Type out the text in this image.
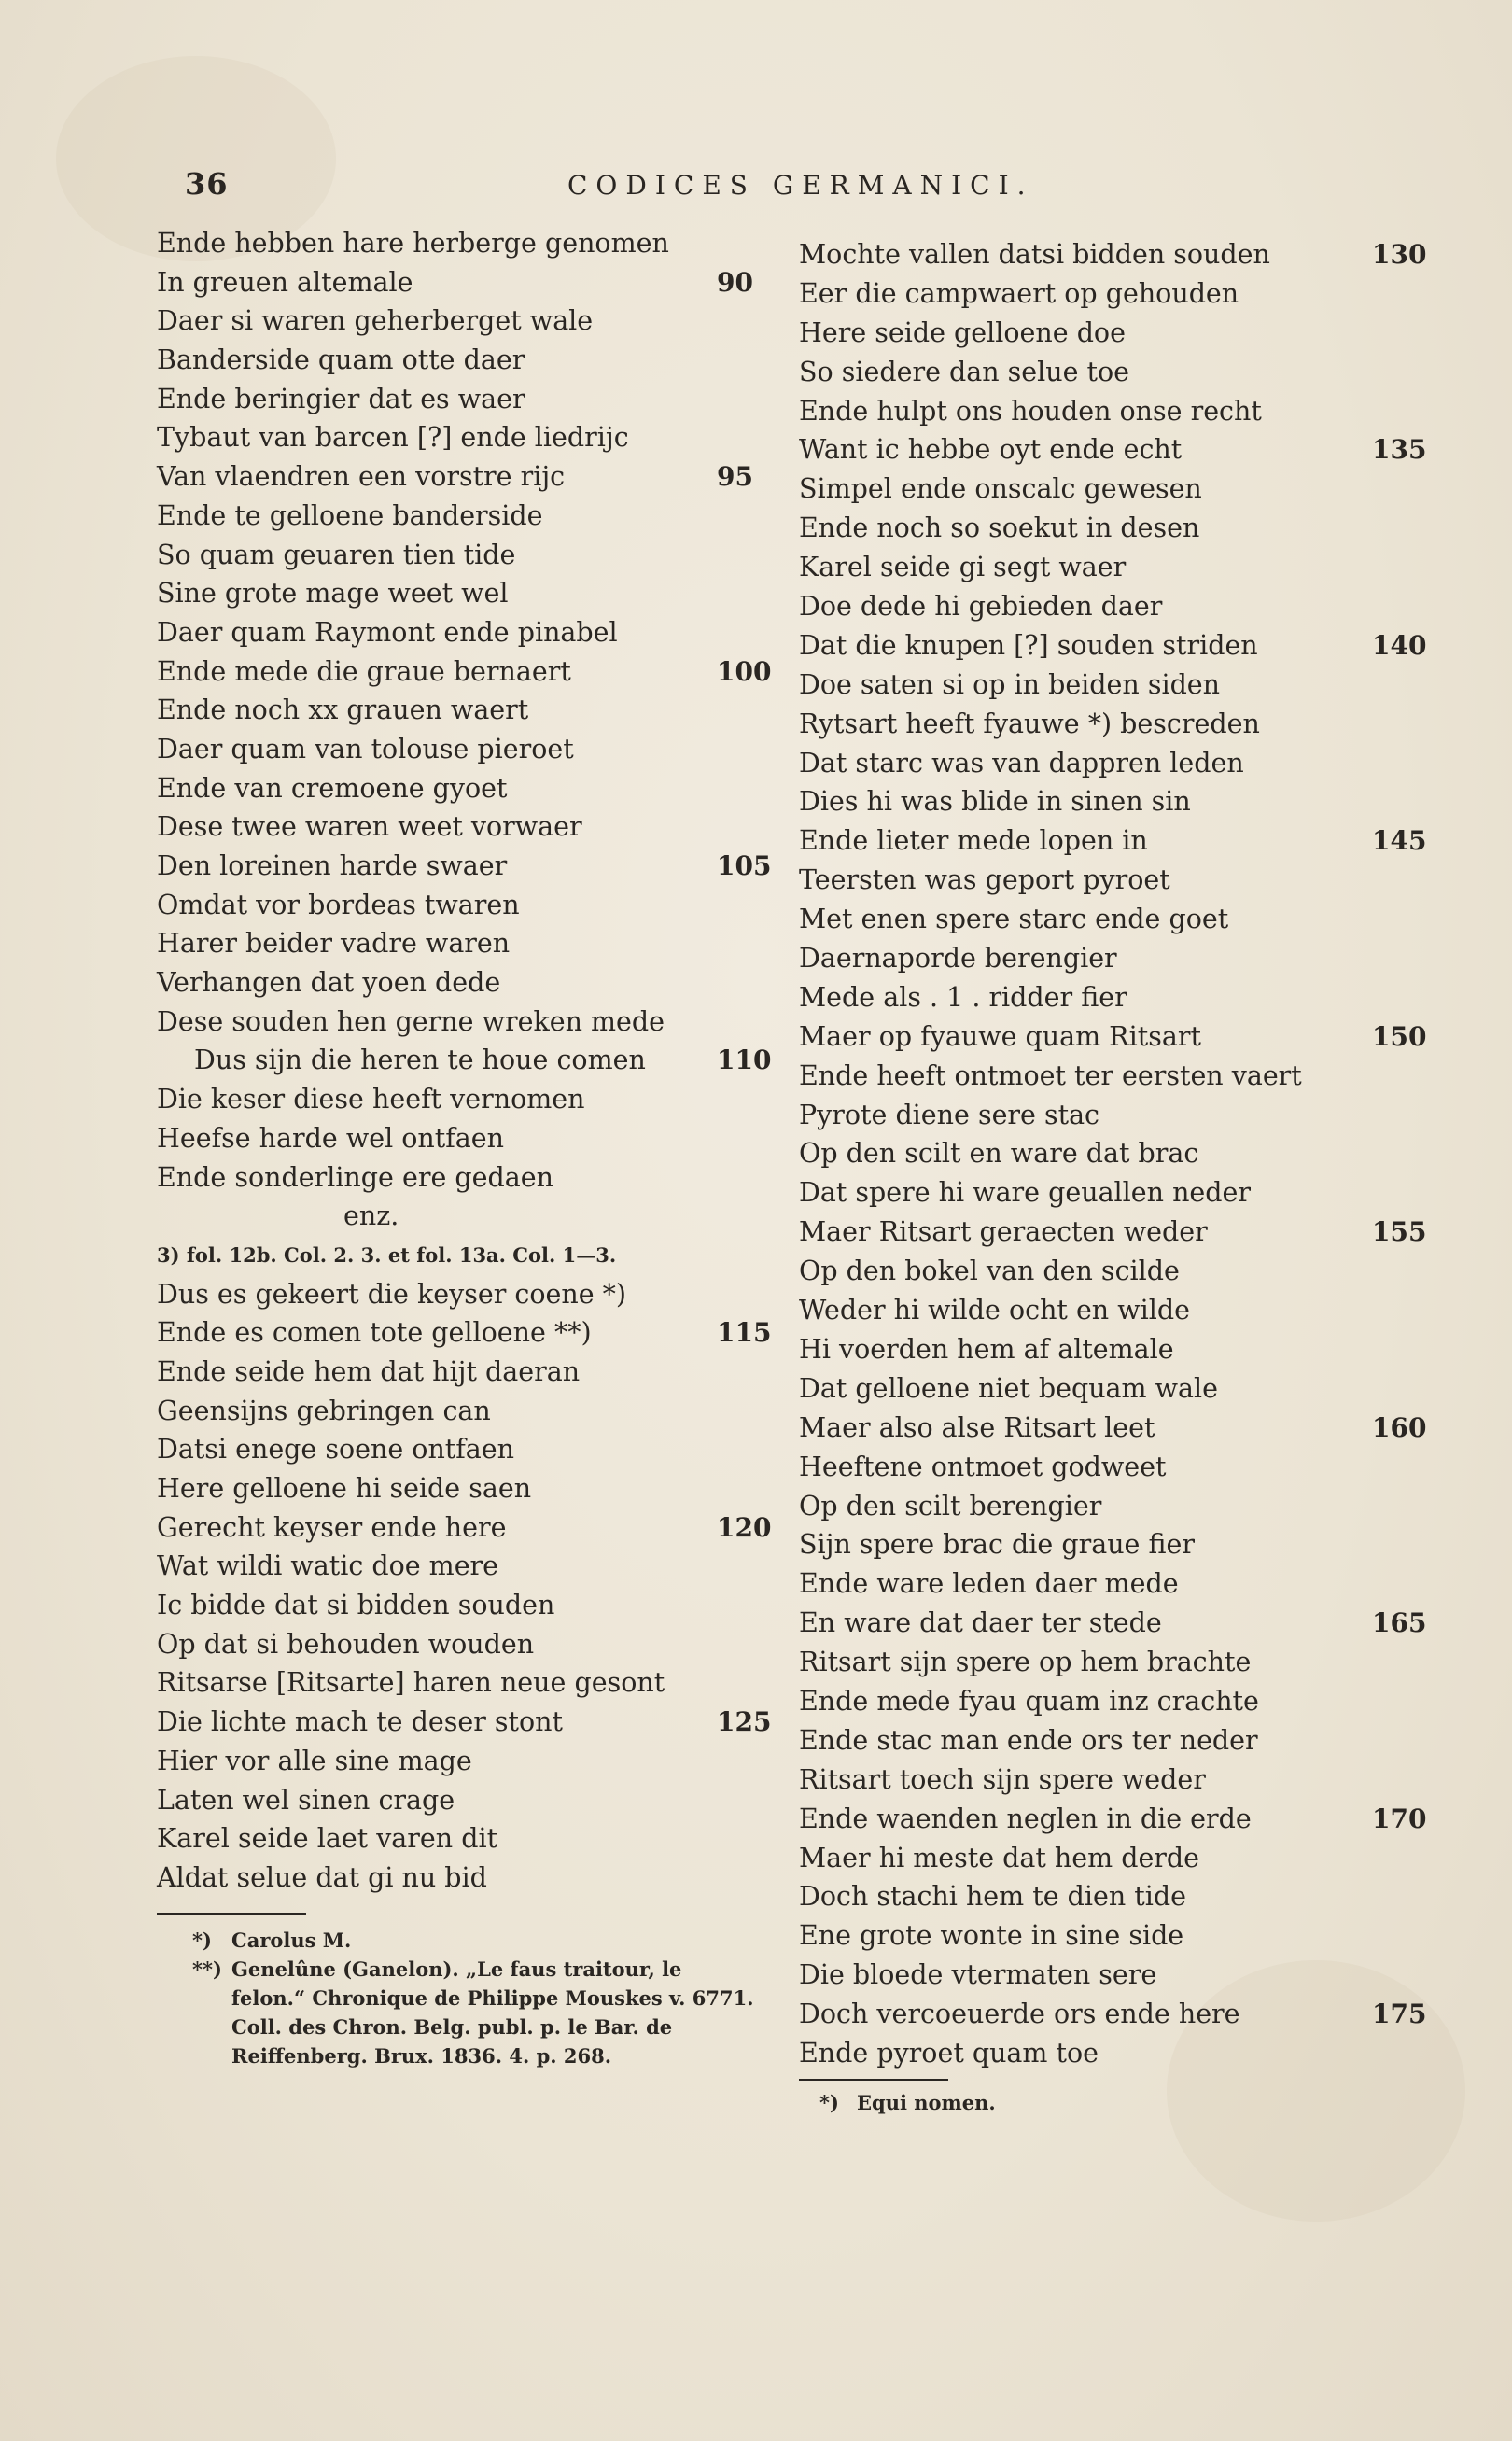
36	CODICES GERMANICI.
Ende hebben hare herberge genomen
In greuen altemale	90
Daer si waren geherberget wale
Banderside quam otte daer
Ende beringier dat es waer
Tybaut van barcen [?] ende liedrijc
Van vlaendren een vorstre rijc	95
Ende te gelloene banderside
So quam geuaren tien tide
Sine grote mage weet wel
Daer quam Raymont ende pinabel
Ende mede die graue bernaert	100
Ende noch xx grauen waert
Daer quam van tolouse pieroet
Ende van cremoene gyoet
Dese twee waren weet vorwaer
Den loreinen harde swaer	105
Omdat vor bordeas twaren
Harer beider vadre waren
Verhangen dat yoen dede
Dese souden hen gerne wreken mede
Dus sijn die heren te houe comen	110
Die keser diese heeft vernomen
Heefse harde wel ontfaen
Ende sonderlinge ere gedaen
enz.
3) fol. 12b. Col. 2. 3. et fol. 13a. Col. 1—3.
Dus es gekeert die keyser coene *)
Ende es comen tote gelloene **)	115
Ende seide hem dat hijt daeran
Geensijns gebringen can
Datsi enege soene ontfaen
Here gelloene hi seide saen
Gerecht keyser ende here	120
Wat wildi watic doe mere
Ic bidde dat si bidden souden
Op dat si behouden wouden
Ritsarse [Ritsarte] haren neue gesont
Die lichte mach te deser stont	125
Hier vor alle sine mage
Laten wel sinen crage
Karel seide laet varen dit
Aldat selue dat gi nu bid
*)	Carolus M.
**) Genelûne (Ganelon). „Le faus traitour, le felon.“ Chronique de Philippe Mouskes v. 6771. Coll. des Chron. Belg. publ. p. le Bar. de Reiffenberg. Brux. 1836. 4. p. 268.
Mochte vallen datsi bidden souden	130
Eer die campwaert op gehouden
Here seide gelloene doe
So siedere dan selue toe
Ende hulpt ons houden onse recht
Want ic hebbe oyt ende echt	135
Simpel ende onscalc gewesen
Ende noch so soekut in desen
Karel seide gi segt waer
Doe dede hi gebieden daer
Dat die knupen [?] souden striden	140
Doe saten si op in beiden siden
Rytsart heeft fyauwe *) bescreden
Dat starc was van dappren leden
Dies hi was blide in sinen sin
Ende lieter mede lopen in	145
Teersten was geport pyroet
Met enen spere starc ende goet
Daernaporde berengier
Mede als . 1 . ridder fier
Maer op fyauwe quam Ritsart	150
Ende heeft ontmoet ter eersten vaert
Pyrote diene sere stac
Op den scilt en ware dat brac
Dat spere hi ware geuallen neder
Maer Ritsart geraecten weder	155
Op den bokel van den scilde
Weder hi wilde ocht en wilde
Hi voerden hem af altemale
Dat gelloene niet bequam wale
Maer also alse Ritsart leet	160
Heeftene ontmoet godweet
Op den scilt berengier
Sijn spere brac die graue fier
Ende ware leden daer mede
En ware dat daer ter stede	165
Ritsart sijn spere op hem brachte
Ende mede fyau quam inz crachte
Ende stac man ende ors ter neder
Ritsart toech sijn spere weder
Ende waenden neglen in die erde	170
Maer hi meste dat hem derde
Doch stachi hem te dien tide
Ene grote wonte in sine side
Die bloede vtermaten sere
Doch vercoeuerde ors ende here	175
Ende pyroet quam toe
*) Equi nomen.
